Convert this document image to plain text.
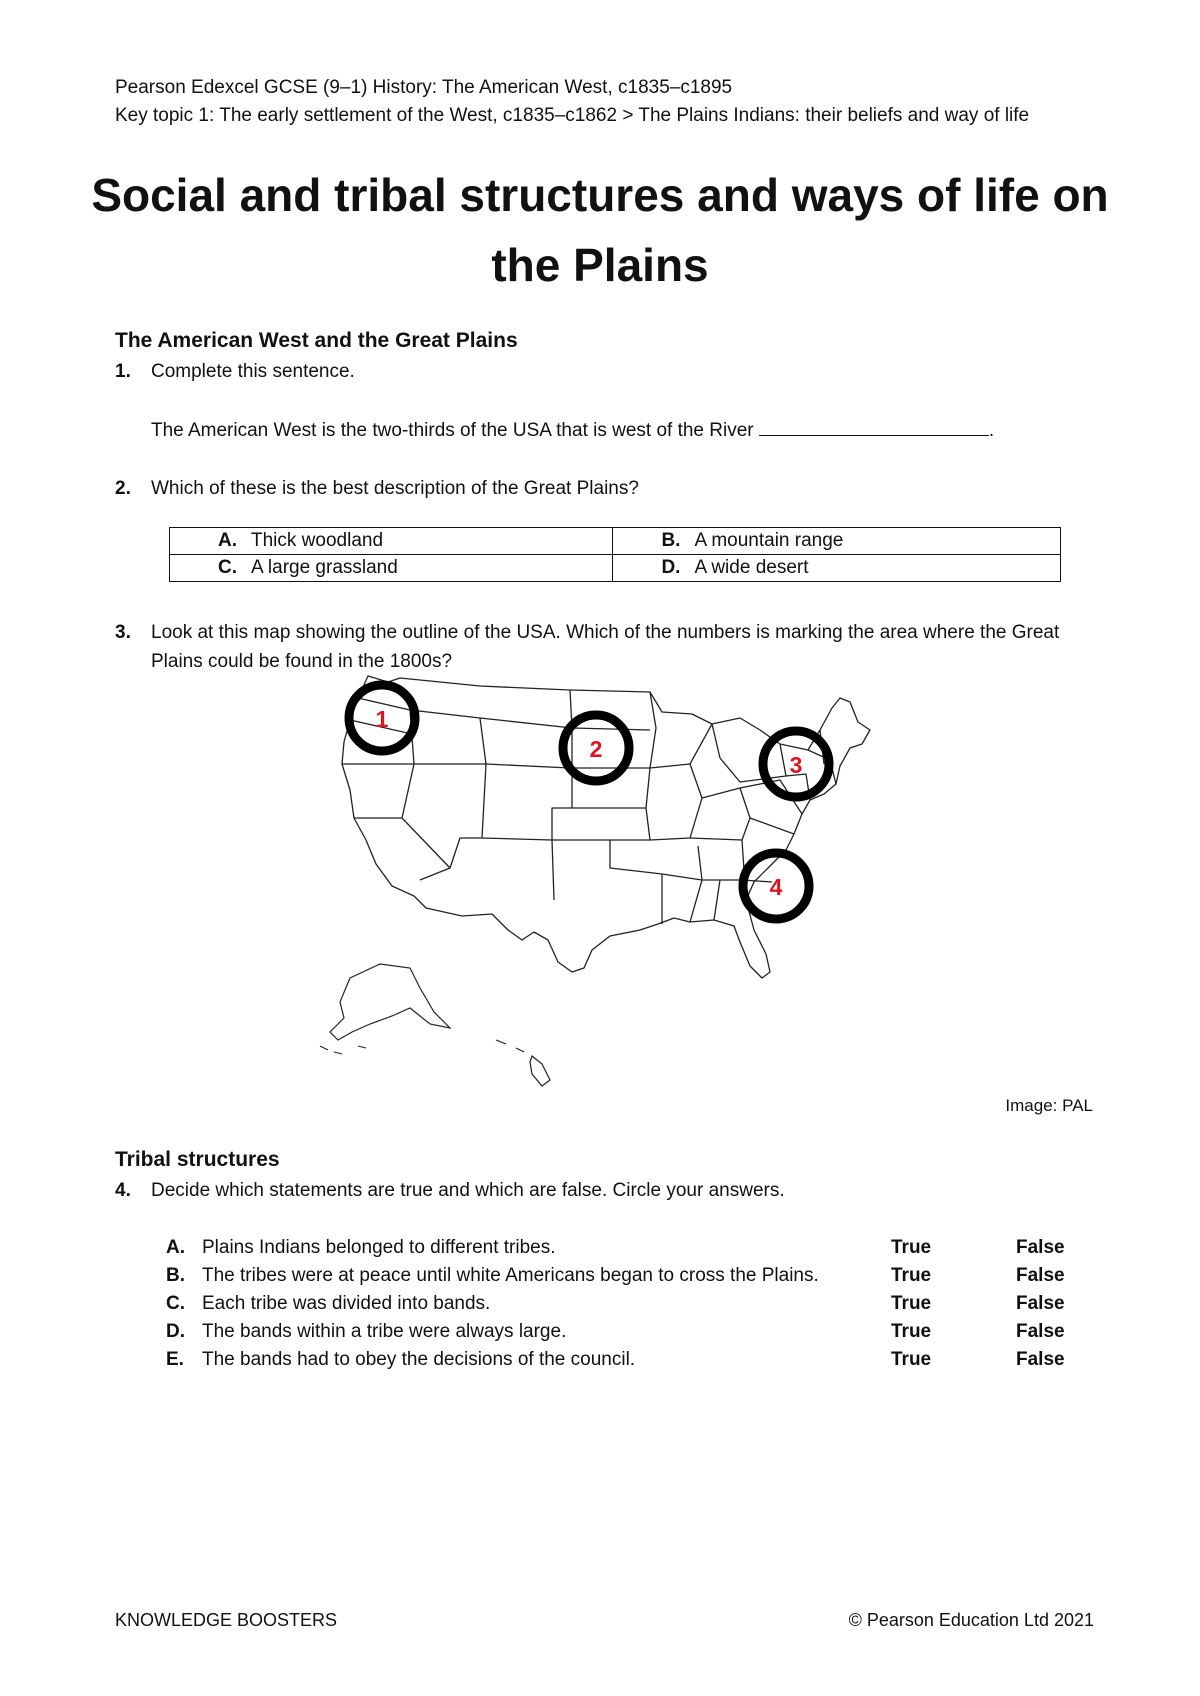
Pearson Edexcel GCSE (9–1) History: The American West, c1835–c1895
Key topic 1: The early settlement of the West, c1835–c1862 > The Plains Indians: their beliefs and way of life
Social and tribal structures and ways of life on the Plains
The American West and the Great Plains
1. Complete this sentence.
The American West is the two-thirds of the USA that is west of the River	.
2. Which of these is the best description of the Great Plains?
A. Thick woodland	B. A mountain range

C. A large grassland	D. A wide desert
3. Look at this map showing the outline of the USA. Which of the numbers is marking the area where the Great Plains could be found in the 1800s?
1
2
3
4
Image: PAL
Tribal structures
4. Decide which statements are true and which are false. Circle your answers.
A. Plains Indians belonged to different tribes.	True	False
B. The tribes were at peace until white Americans began to cross the Plains.	True	False
C. Each tribe was divided into bands.	True	False
D. The bands within a tribe were always large.	True	False
E. The bands had to obey the decisions of the council.	True	False
KNOWLEDGE BOOSTERS	© Pearson Education Ltd 2021
